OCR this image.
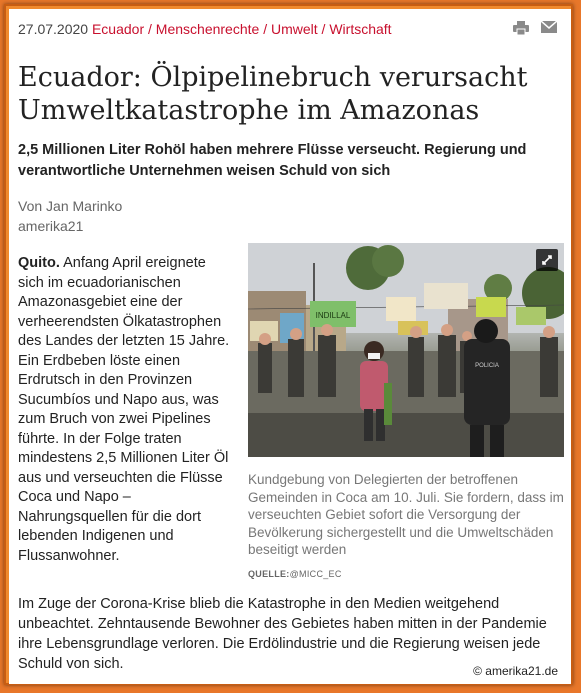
27.07.2020 Ecuador / Menschenrechte / Umwelt / Wirtschaft
Ecuador: Ölpipelinebruch verursacht Umweltkatastrophe im Amazonas

2,5 Millionen Liter Rohöl haben mehrere Flüsse verseucht. Regierung und verantwortliche Unternehmen weisen Schuld von sich

Von Jan Marinko
amerika21
Quito. Anfang April ereignete sich im ecuadorianischen Amazonasgebiet eine der verheerendsten Ölkatastrophen des Landes der letzten 15 Jahre. Ein Erdbeben löste einen Erdrutsch in den Provinzen Sucumbíos und Napo aus, was zum Bruch von zwei Pipelines führte. In der Folge traten mindestens 2,5 Millionen Liter Öl aus und verseuchten die Flüsse Coca und Napo – Nahrungsquellen für die dort lebenden Indigenen und Flussanwohner.
INDILLAL
POLICIA
Kundgebung von Delegierten der betroffenen Gemeinden in Coca am 10. Juli. Sie fordern, dass im verseuchten Gebiet sofort die Versorgung der Bevölkerung sichergestellt und die Umweltschäden beseitigt werden
QUELLE:@MICC_EC

Im Zuge der Corona-Krise blieb die Katastrophe in den Medien weitgehend unbeachtet. Zehntausende Bewohner des Gebietes haben mitten in der Pandemie ihre Lebensgrundlage verloren. Die Erdölindustrie und die Regierung weisen jede Schuld von sich.	© amerika21.de
